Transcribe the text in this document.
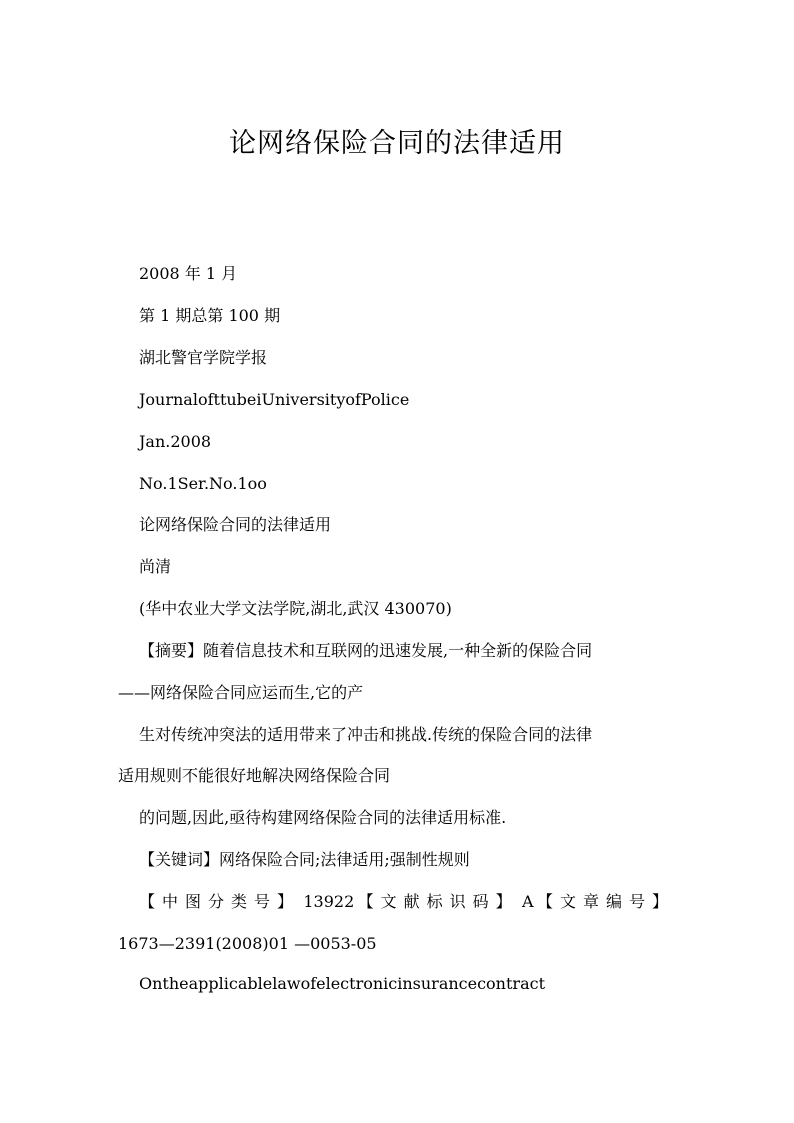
论网络保险合同的法律适用
2008 年 1 月
第 1 期总第 100 期
湖北警官学院学报
JournalofttubeiUniversityofPolice
Jan.2008
No.1Ser.No.1oo
论网络保险合同的法律适用
尚清
(华中农业大学文法学院,湖北,武汉 430070)
【摘要】随着信息技术和互联网的迅速发展,一种全新的保险合同
——网络保险合同应运而生,它的产
生对传统冲突法的适用带来了冲击和挑战.传统的保险合同的法律
适用规则不能很好地解决网络保险合同
的问题,因此,亟待构建网络保险合同的法律适用标准.
【关键词】网络保险合同;法律适用;强制性规则
【中图分类号】 13922 【文献标识码】 A 【文章编号】
1673—2391(2008)01 —0053-05
Ontheapplicablelawofelectronicinsurancecontract
